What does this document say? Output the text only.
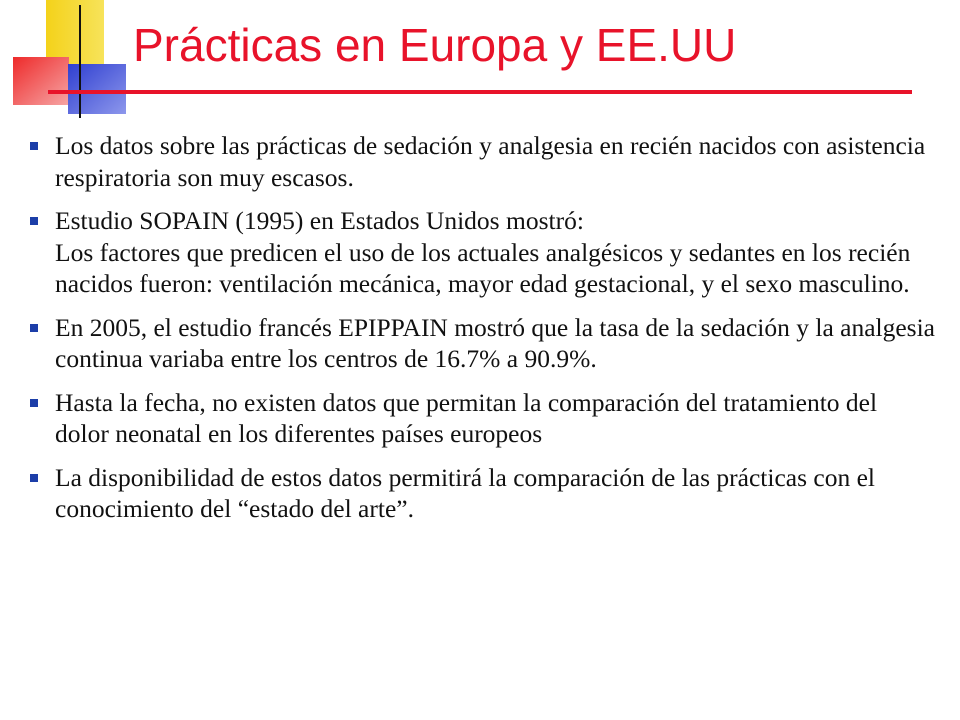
Prácticas en Europa y EE.UU
Los datos sobre las prácticas de sedación y analgesia en recién nacidos con asistencia respiratoria son muy escasos.
Estudio SOPAIN (1995) en Estados Unidos mostró:
Los factores que predicen el uso de los actuales analgésicos y sedantes en los recién nacidos fueron: ventilación mecánica, mayor edad gestacional, y el sexo masculino.
En 2005, el estudio francés EPIPPAIN mostró que la tasa de la sedación y la analgesia continua variaba entre los centros de 16.7% a 90.9%.
Hasta la fecha, no existen datos que permitan la comparación del tratamiento del dolor neonatal en los diferentes países europeos
La disponibilidad de estos datos permitirá la comparación de las prácticas con el conocimiento del “estado del arte”.
